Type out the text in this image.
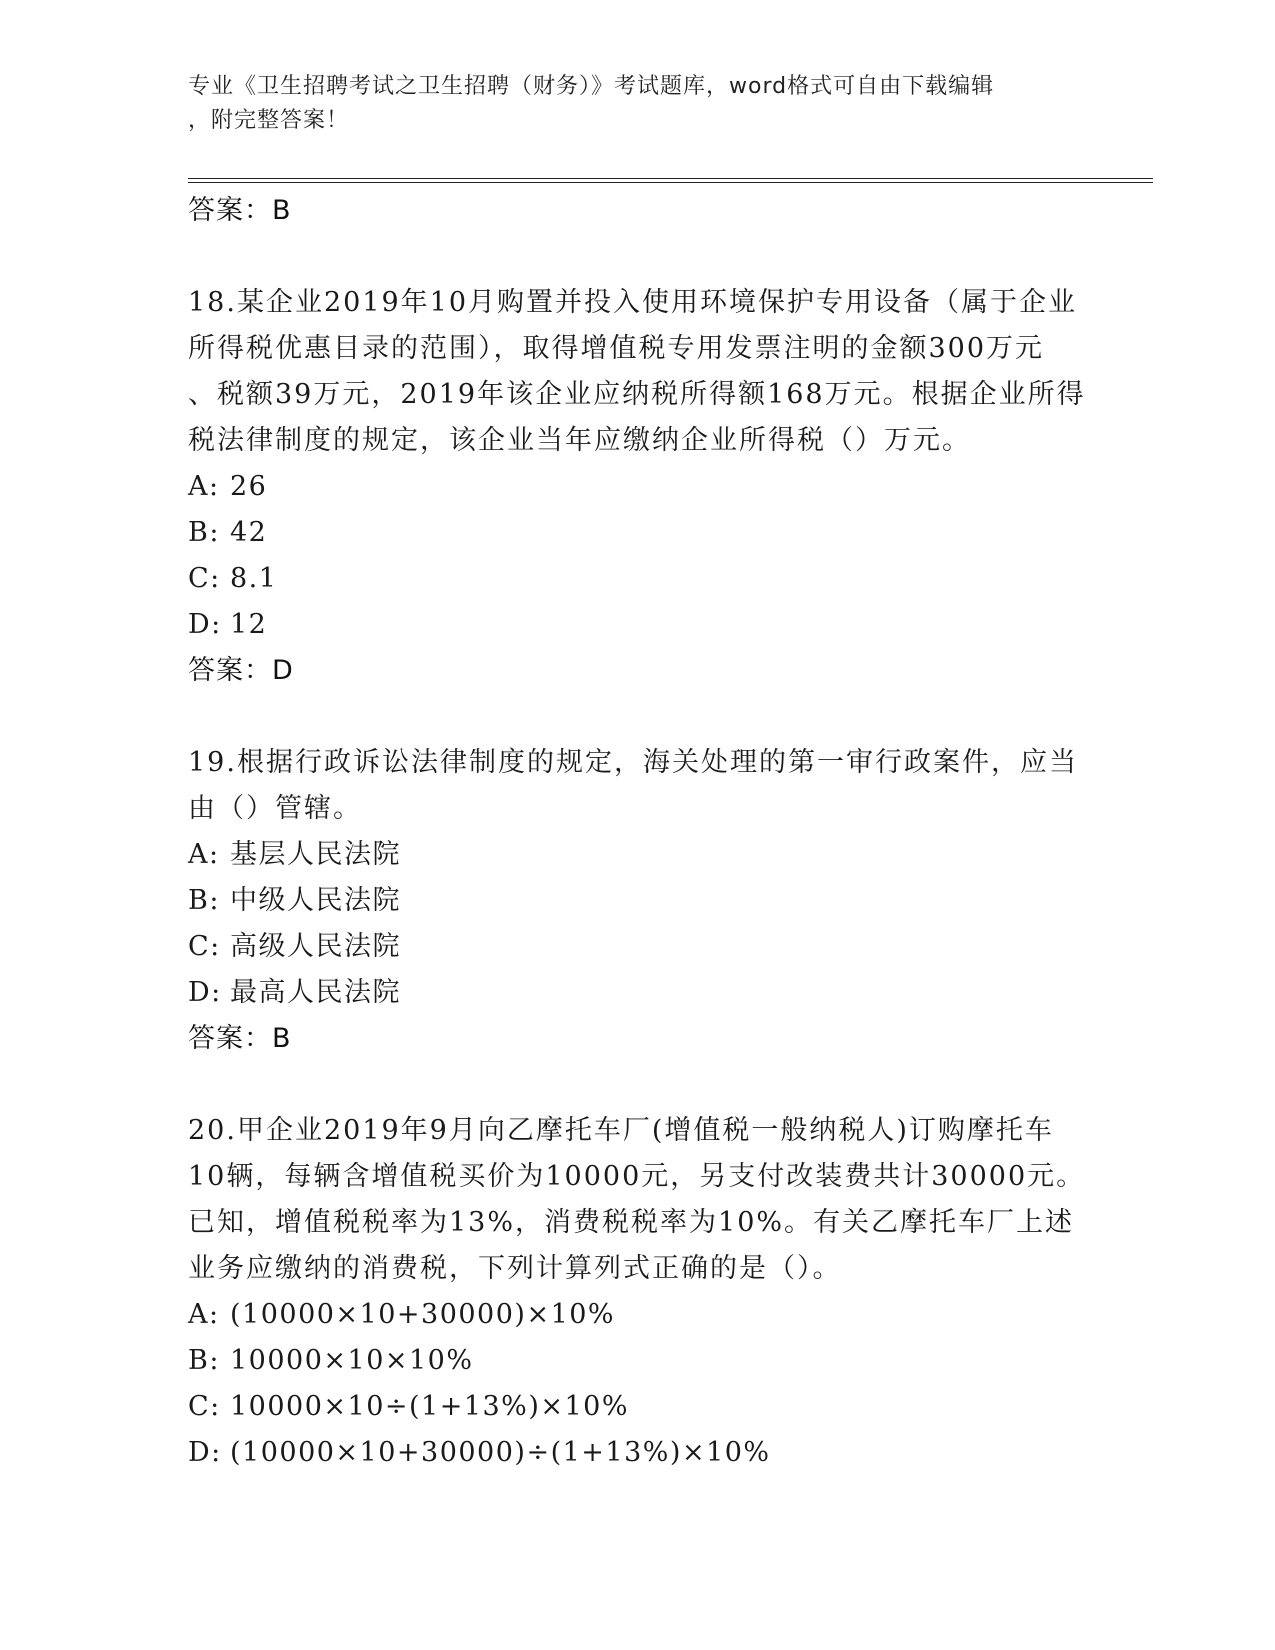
专业《卫生招聘考试之卫生招聘（财务）》考试题库，word格式可自由下载编辑
，附完整答案！
答案：B
18.某企业2019年10月购置并投入使用环境保护专用设备（属于企业
所得税优惠目录的范围），取得增值税专用发票注明的金额300万元
、税额39万元，2019年该企业应纳税所得额168万元。根据企业所得
税法律制度的规定，该企业当年应缴纳企业所得税（）万元。
A: 26
B: 42
C: 8.1
D: 12
答案：D
19.根据行政诉讼法律制度的规定，海关处理的第一审行政案件，应当
由（）管辖。
A: 基层人民法院
B: 中级人民法院
C: 高级人民法院
D: 最高人民法院
答案：B
20.甲企业2019年9月向乙摩托车厂(增值税一般纳税人)订购摩托车
10辆，每辆含增值税买价为10000元，另支付改装费共计30000元。
已知，增值税税率为13%，消费税税率为10%。有关乙摩托车厂上述
业务应缴纳的消费税，下列计算列式正确的是（）。
A: (10000×10+30000)×10%
B: 10000×10×10%
C: 10000×10÷(1+13%)×10%
D: (10000×10+30000)÷(1+13%)×10%
